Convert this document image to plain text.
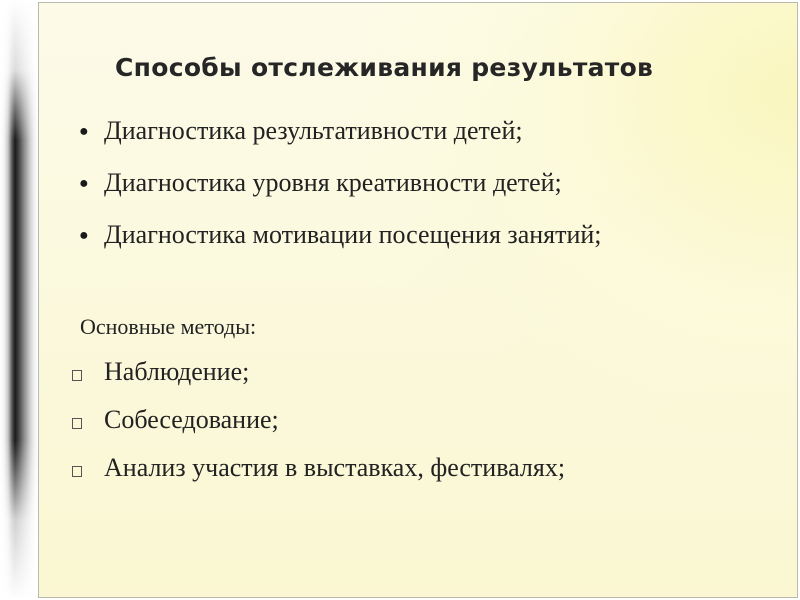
Способы отслеживания результатов
● Диагностика результативности детей;
● Диагностика уровня креативности детей;
● Диагностика мотивации посещения занятий;
Основные методы:
Наблюдение;
Собеседование;
Анализ участия в выставках, фестивалях;
